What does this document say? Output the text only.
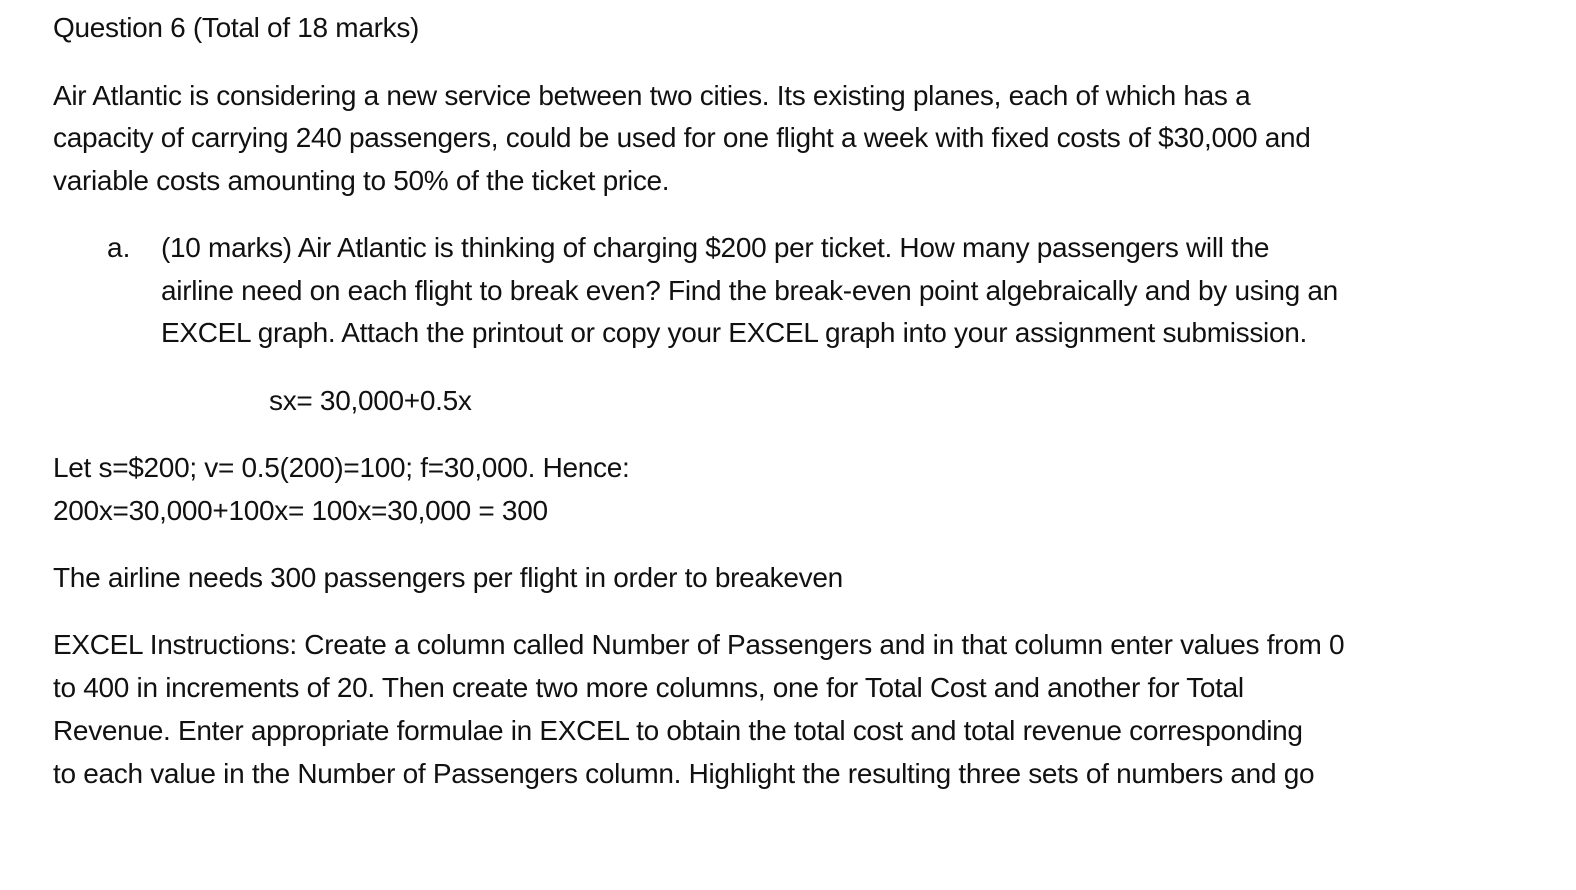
Question 6 (Total of 18 marks)
Air Atlantic is considering a new service between two cities. Its existing planes, each of which has a
capacity of carrying 240 passengers, could be used for one flight a week with fixed costs of $30,000 and
variable costs amounting to 50% of the ticket price.
a. (10 marks) Air Atlantic is thinking of charging $200 per ticket. How many passengers will the
airline need on each flight to break even? Find the break-even point algebraically and by using an
EXCEL graph. Attach the printout or copy your EXCEL graph into your assignment submission.
sx= 30,000+0.5x
Let s=$200; v= 0.5(200)=100; f=30,000. Hence:
200x=30,000+100x= 100x=30,000 = 300
The airline needs 300 passengers per flight in order to breakeven
EXCEL Instructions: Create a column called Number of Passengers and in that column enter values from 0
to 400 in increments of 20. Then create two more columns, one for Total Cost and another for Total
Revenue. Enter appropriate formulae in EXCEL to obtain the total cost and total revenue corresponding
to each value in the Number of Passengers column. Highlight the resulting three sets of numbers and go
